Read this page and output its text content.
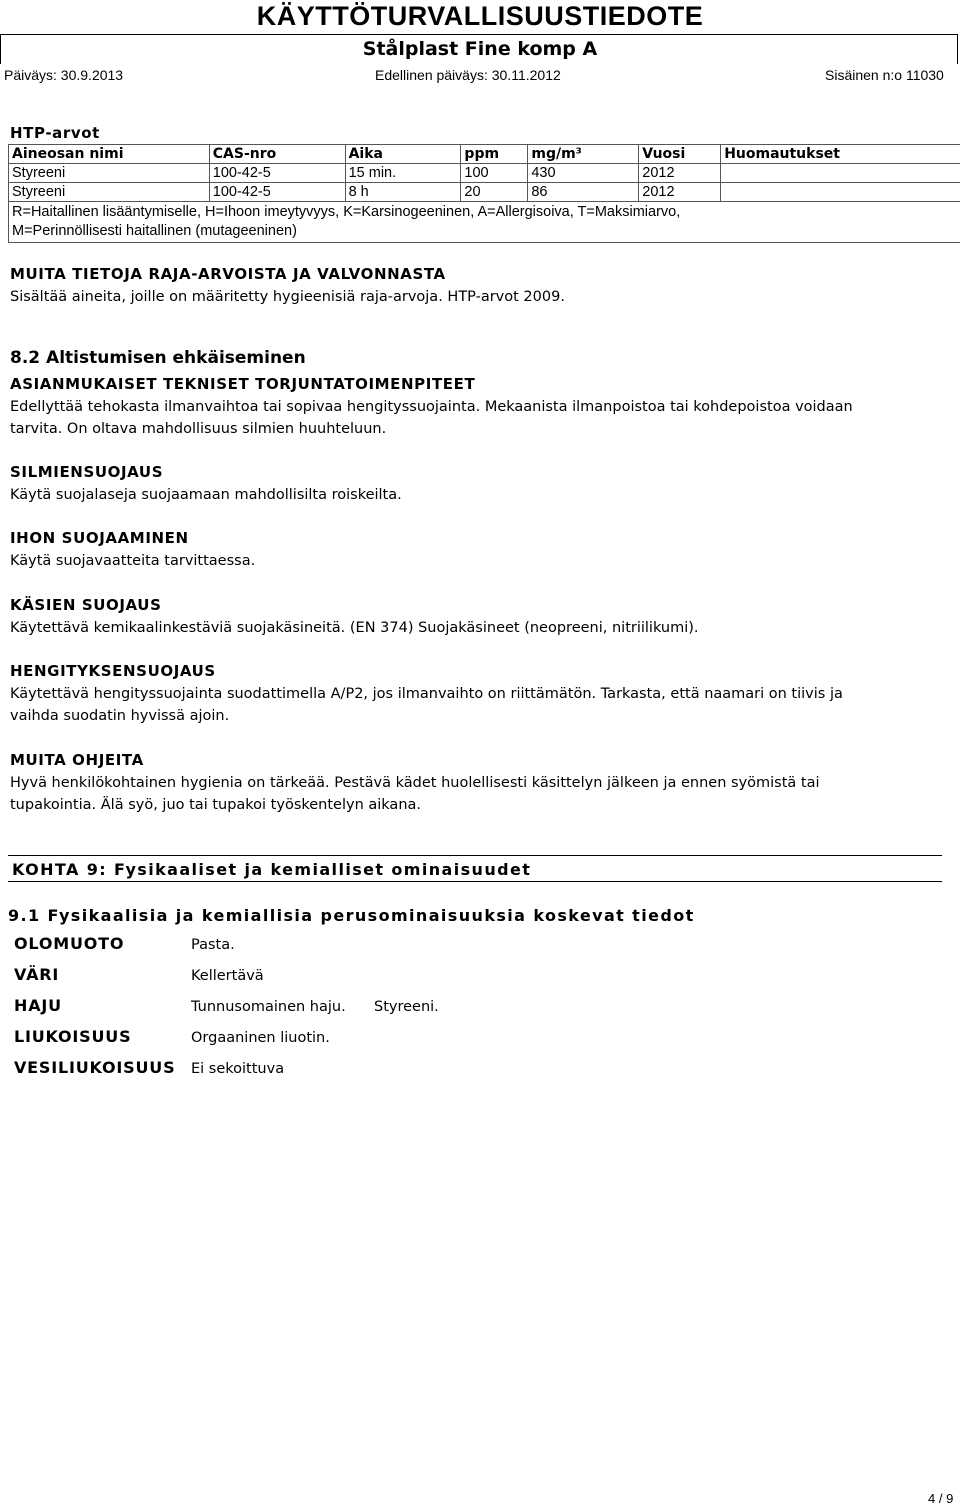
KÄYTTÖTURVALLISUUSTIEDOTE
Stålplast Fine komp A
Päiväys: 30.9.2013	Edellinen päiväys: 30.11.2012	Sisäinen n:o 11030
HTP-arvot
Aineosan nimi	CAS-nro	Aika	ppm	mg/m³	Vuosi	Huomautukset
Styreeni	100-42-5	15 min.	100	430	2012	
Styreeni	100-42-5	8 h	20	86	2012	
R=Haitallinen lisääntymiselle, H=Ihoon imeytyvyys, K=Karsinogeeninen, A=Allergisoiva, T=Maksimiarvo,
M=Perinnöllisesti haitallinen (mutageeninen)						
MUITA TIETOJA RAJA-ARVOISTA JA VALVONNASTA
Sisältää aineita, joille on määritetty hygieenisiä raja-arvoja. HTP-arvot 2009.
8.2 Altistumisen ehkäiseminen
ASIANMUKAISET TEKNISET TORJUNTATOIMENPITEET
Edellyttää tehokasta ilmanvaihtoa tai sopivaa hengityssuojainta. Mekaanista ilmanpoistoa tai kohdepoistoa voidaan
tarvita. On oltava mahdollisuus silmien huuhteluun.
SILMIENSUOJAUS
Käytä suojalaseja suojaamaan mahdollisilta roiskeilta.
IHON SUOJAAMINEN
Käytä suojavaatteita tarvittaessa.
KÄSIEN SUOJAUS
Käytettävä kemikaalinkestäviä suojakäsineitä. (EN 374) Suojakäsineet (neopreeni, nitriilikumi).
HENGITYKSENSUOJAUS
Käytettävä hengityssuojainta suodattimella A/P2, jos ilmanvaihto on riittämätön. Tarkasta, että naamari on tiivis ja
vaihda suodatin hyvissä ajoin.
MUITA OHJEITA
Hyvä henkilökohtainen hygienia on tärkeää. Pestävä kädet huolellisesti käsittelyn jälkeen ja ennen syömistä tai
tupakointia. Älä syö, juo tai tupakoi työskentelyn aikana.
KOHTA 9: Fysikaaliset ja kemialliset ominaisuudet
9.1 Fysikaalisia ja kemiallisia perusominaisuuksia koskevat tiedot
OLOMUOTO	Pasta.
VÄRI	Kellertävä
HAJU	Tunnusomainen haju. Styreeni.
LIUKOISUUS	Orgaaninen liuotin.
VESILIUKOISUUS Ei sekoittuva
4 / 9
